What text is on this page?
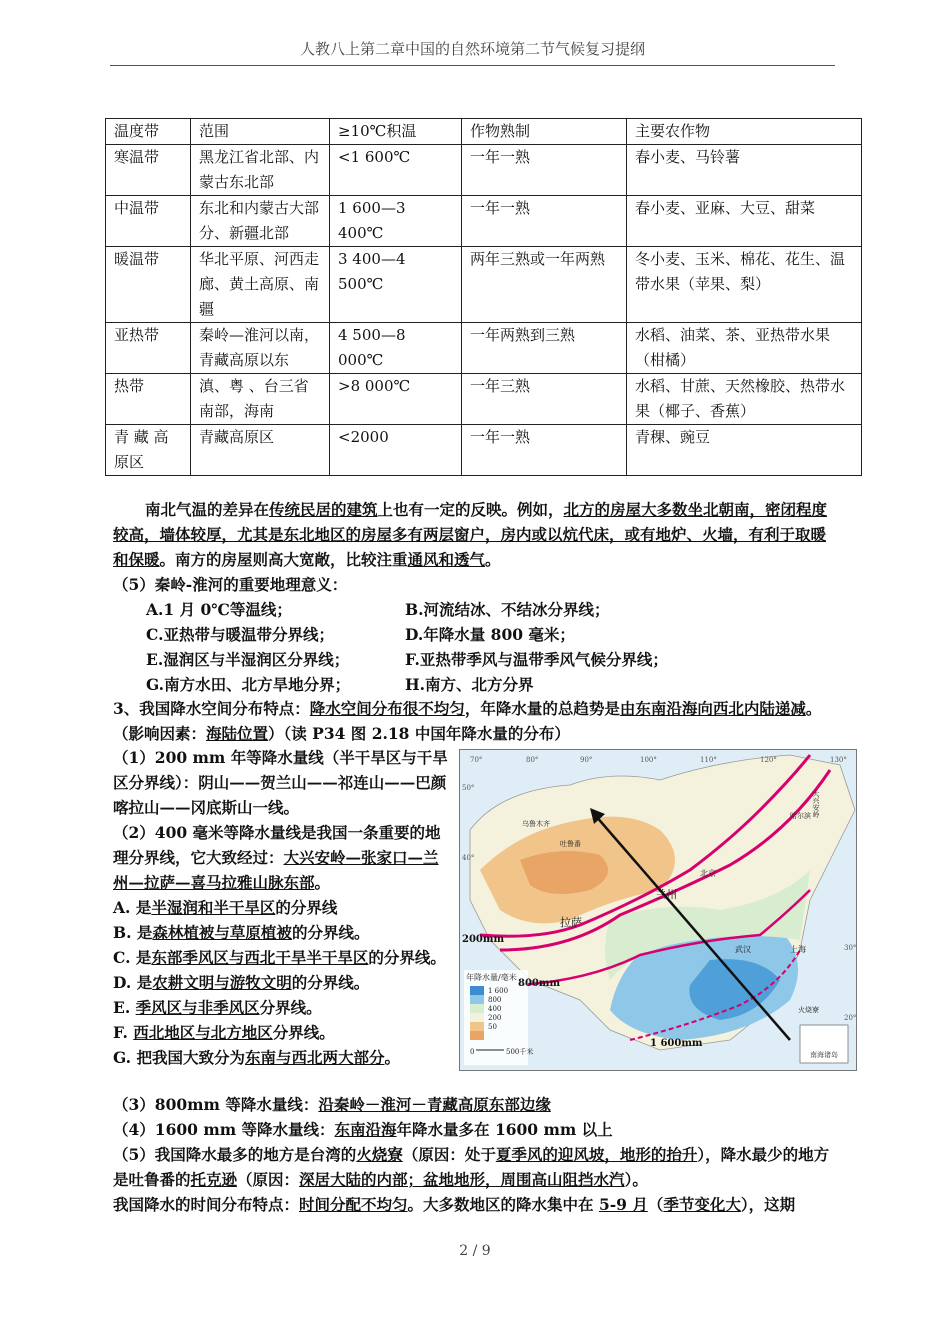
人教八上第二章中国的自然环境第二节气候复习提纲
温度带	范围	≥10℃积温	作物熟制	主要农作物
寒温带	黑龙江省北部、内蒙古东北部	<1 600℃	一年一熟	春小麦、马铃薯
中温带	东北和内蒙古大部分、新疆北部	1 600—3 400℃	一年一熟	春小麦、亚麻、大豆、甜菜
暖温带	华北平原、河西走廊、黄土高原、南疆	3 400—4 500℃	两年三熟或一年两熟	冬小麦、玉米、棉花、花生、温带水果（苹果、梨）
亚热带	秦岭—淮河以南，青藏高原以东	4 500—8 000℃	一年两熟到三熟	水稻、油菜、茶、亚热带水果（柑橘）
热带	滇、粤 、台三省南部，海南	>8 000℃	一年三熟	水稻、甘蔗、天然橡胶、热带水果（椰子、香蕉）
青 藏 高原区	青藏高原区	<2000	一年一熟	青稞、豌豆
南北气温的差异在传统民居的建筑上也有一定的反映。例如，北方的房屋大多数坐北朝南，密闭程度较高，墙体较厚，尤其是东北地区的房屋多有两层窗户，房内或以炕代床，或有地炉、火墙，有利于取暖和保暖。南方的房屋则高大宽敞，比较注重通风和透气。
（5）秦岭-淮河的重要地理意义：
A.1 月 0℃等温线；	B.河流结冰、不结冰分界线；
C.亚热带与暖温带分界线；	D.年降水量 800 毫米；
E.湿润区与半湿润区分界线；	F.亚热带季风与温带季风气候分界线；
G.南方水田、北方旱地分界；	H.南方、北方分界
3、我国降水空间分布特点：降水空间分布很不均匀，年降水量的总趋势是由东南沿海向西北内陆递减。（影响因素：海陆位置）（读 P34 图 2.18 中国年降水量的分布）

（1）200 mm 年等降水量线（半干旱区与干旱区分界线）：阴山——贺兰山——祁连山——巴颜喀拉山——冈底斯山一线。

（2）400 毫米等降水量线是我国一条重要的地理分界线，它大致经过：大兴安岭—张家口—兰州—拉萨—喜马拉雅山脉东部。

A. 是半湿润和半干旱区的分界线

B. 是森林植被与草原植被的分界线。

C. 是东部季风区与西北干旱半干旱区的分界线。

D. 是农耕文明与游牧文明的分界线。

E. 季风区与非季风区分界线。

F. 西北地区与北方地区分界线。

G. 把我国大致分为东南与西北两大部分。	南海诸岛
年降水量/毫米
1 600
800
400
200
50
0	500千米
200mm
800mm
1 600mm
拉萨
兰州
北京
上海
武汉
大兴安岭
哈尔滨
乌鲁木齐
吐鲁番
火烧寮
70°	80°	90°	100°	110°	120°	130°
50°
40°
30°
20°
（3）800mm 等降水量线：沿秦岭－淮河－青藏高原东部边缘
（4）1600 mm 等降水量线：东南沿海年降水量多在 1600 mm 以上
（5）我国降水最多的地方是台湾的火烧寮（原因：处于夏季风的迎风坡，地形的抬升），降水最少的地方是吐鲁番的托克逊（原因：深居大陆的内部；盆地地形，周围高山阻挡水汽）。
我国降水的时间分布特点：时间分配不均匀。大多数地区的降水集中在 5-9 月（季节变化大），这期
2 / 9
